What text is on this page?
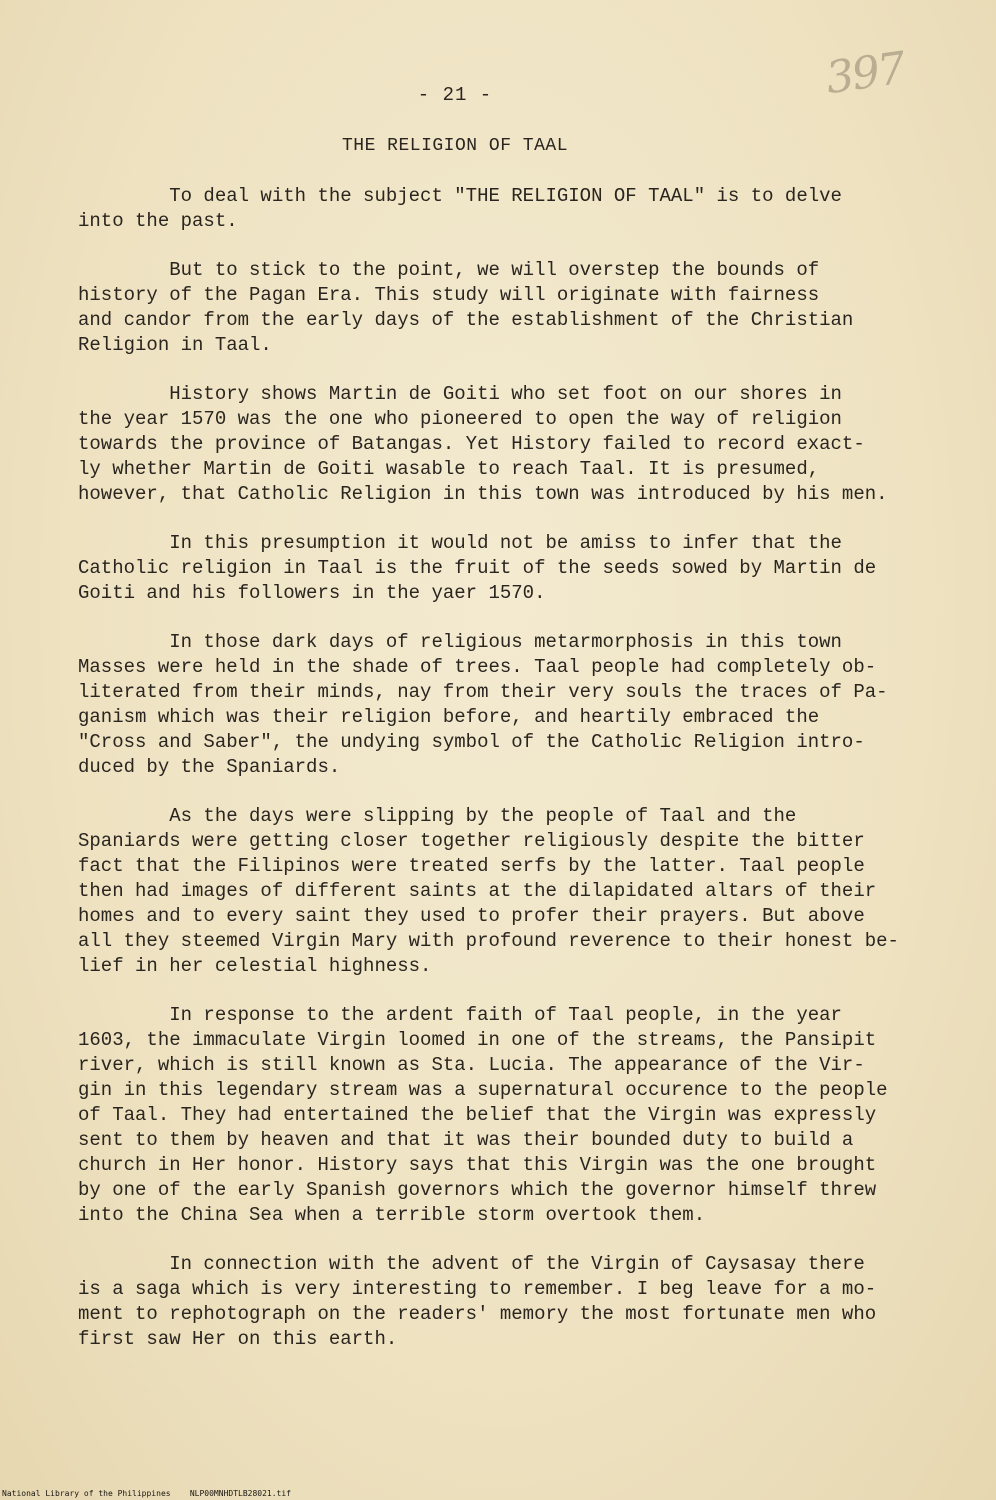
397
- 21 -
THE RELIGION OF TAAL
To deal with the subject "THE RELIGION OF TAAL" is to delve
into the past.
But to stick to the point, we will overstep the bounds of
history of the Pagan Era. This study will originate with fairness
and candor from the early days of the establishment of the Christian
Religion in Taal.
History shows Martin de Goiti who set foot on our shores in
the year 1570 was the one who pioneered to open the way of religion
towards the province of Batangas. Yet History failed to record exact-
ly whether Martin de Goiti wasable to reach Taal. It is presumed,
however, that Catholic Religion in this town was introduced by his men.
In this presumption it would not be amiss to infer that the
Catholic religion in Taal is the fruit of the seeds sowed by Martin de
Goiti and his followers in the yaer 1570.
In those dark days of religious metarmorphosis in this town
Masses were held in the shade of trees. Taal people had completely ob-
literated from their minds, nay from their very souls the traces of Pa-
ganism which was their religion before, and heartily embraced the
"Cross and Saber", the undying symbol of the Catholic Religion intro-
duced by the Spaniards.
As the days were slipping by the people of Taal and the
Spaniards were getting closer together religiously despite the bitter
fact that the Filipinos were treated serfs by the latter. Taal people
then had images of different saints at the dilapidated altars of their
homes and to every saint they used to profer their prayers. But above
all they steemed Virgin Mary with profound reverence to their honest be-
lief in her celestial highness.
In response to the ardent faith of Taal people, in the year
1603, the immaculate Virgin loomed in one of the streams, the Pansipit
river, which is still known as Sta. Lucia. The appearance of the Vir-
gin in this legendary stream was a supernatural occurence to the people
of Taal. They had entertained the belief that the Virgin was expressly
sent to them by heaven and that it was their bounded duty to build a
church in Her honor. History says that this Virgin was the one brought
by one of the early Spanish governors which the governor himself threw
into the China Sea when a terrible storm overtook them.
In connection with the advent of the Virgin of Caysasay there
is a saga which is very interesting to remember. I beg leave for a mo-
ment to rephotograph on the readers' memory the most fortunate men who
first saw Her on this earth.
National Library of the Philippines    NLP00MNHDTLB28021.tif
